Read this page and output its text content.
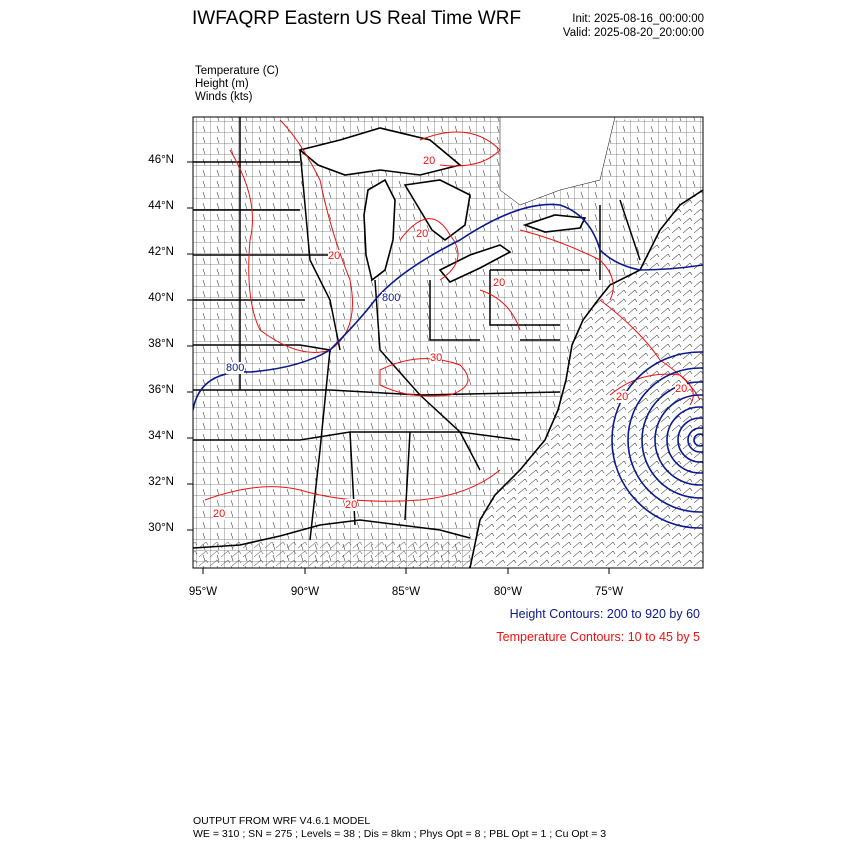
800
800
20
20
20
20
20
30
20
20
20
IWFAQRP Eastern US Real Time WRF	Init: 2025-08-16_00:00:00
Valid: 2025-08-20_20:00:00
Temperature (C)
Height (m)
Winds (kts)
46°N
44°N
42°N
40°N
38°N
36°N
34°N
32°N
30°N
95°W	90°W	85°W	80°W	75°W
Height Contours: 200 to 920 by 60
Temperature Contours: 10 to 45 by 5
OUTPUT FROM WRF V4.6.1 MODEL
WE = 310 ; SN = 275 ; Levels = 38 ; Dis = 8km ; Phys Opt = 8 ; PBL Opt = 1 ; Cu Opt = 3
